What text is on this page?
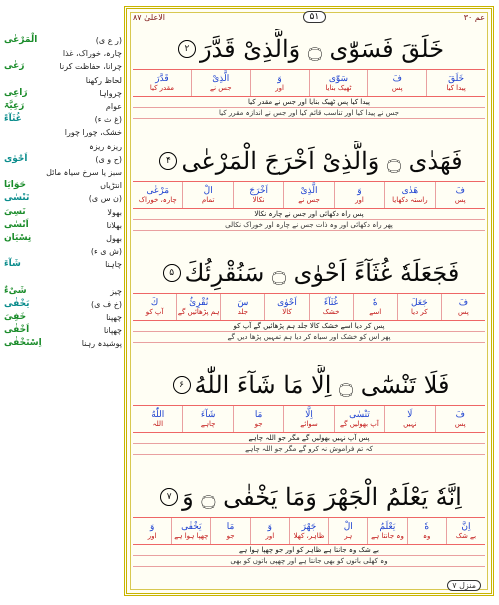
(ر ع ی)
الْمَرْعٰى
چارہ، خوراک، غذا
چرانا، حفاظت کرنا
رَعٰى
لحاظ رکھنا
چرواہا
رَاعِی
عوام
رَعِیَّۃ
(غ ث ء)
غُثَآءً
خشک، چورا چورا
ریزہ ریزہ
(ح و ی)
اَحْوٰى
سبز یا سرخ سیاہ مائل
انتڑیاں
حَوَایَا
(ن س ی)
تَنْسٰى
بھولا
نَسِیَ
بھلانا
اَنْسٰى
بھول
نِسْیَان
(ش ی ء)
چاہنا
شَآءَ
چیز
شَیْءٌ
(خ ف ی)
یَخْفٰى
چھپنا
خَفِیَ
چھپانا
اَخْفٰى
پوشیدہ رہنا
اِسْتَخْفٰى
الاعلیٰ ۸۷	۵۱	عم ۳۰
خَلَقَ فَسَوّٰى ۝ وَالَّذِىْ قَدَّرَ
۲
خَلَقَ
پیدا کیا
فَ
پس
سَوّٰى
ٹھیک بنایا
وَ
اور
الَّذِىْ
جس نے
قَدَّرَ
مقدر کیا
پیدا کیا پس ٹھیک بنایا اور جس نے مقدر کیا
جس نے پیدا کیا اور تناسب قائم کیا اور جس نے اندازہ مقرر کیا
فَهَدٰى ۝ وَالَّذِىْ اَخْرَجَ الْمَرْعٰى
۴
فَ
پس
هَدٰى
راستہ دکھایا
وَ
اور
الَّذِىْ
جس نے
اَخْرَجَ
نکالا
الْ
تمام
مَرْعٰى
چارہ، خوراک
پس راہ دکھائی اور جس نے چارہ نکالا
پھر راہ دکھائی اور وہ ذات جس نے چارہ اور خوراک نکالی
فَجَعَلَهٗ غُثَآءً اَحْوٰى ۝ سَنُقْرِئُكَ
۵
فَ
پس
جَعَلَ
کر دیا
هٗ
اسے
غُثَآءً
خشک
اَحْوٰى
کالا
سَ
جلد
نُقْرِئُ
ہم پڑھائیں گے
كَ
آپ کو
پس کر دیا اسے خشک کالا جلد ہم پڑھائیں گے آپ کو
پھر اس کو خشک اور سیاہ کر دیا ہم تمہیں پڑھا دیں گے
فَلَا تَنْسٰٓى ۝ اِلَّا مَا شَآءَ اللّٰهُ
۶
فَ
پس
لَا
نہیں
تَنْسٰى
آپ بھولیں گے
اِلَّا
سوائے
مَا
جو
شَآءَ
چاہے
اللّٰهُ
اللہ
پس آپ نہیں بھولیں گے مگر جو اللہ چاہے
کہ تم فراموش نہ کرو گے مگر جو اللہ چاہے
اِنَّهٗ يَعْلَمُ الْجَهْرَ وَمَا يَخْفٰى ۝ وَ
۷
اِنَّ
بے شک
هٗ
وہ
يَعْلَمُ
وہ جانتا ہے
الْ
ہر
جَهْرَ
ظاہر، کھلا
وَ
اور
مَا
جو
يَخْفٰى
چھپا ہوا ہے
وَ
اور
بے شک وہ جانتا ہے ظاہر کو اور جو چھپا ہوا ہے
وہ کھلی باتوں کو بھی جانتا ہے اور چھپی باتوں کو بھی
منزل ۷
